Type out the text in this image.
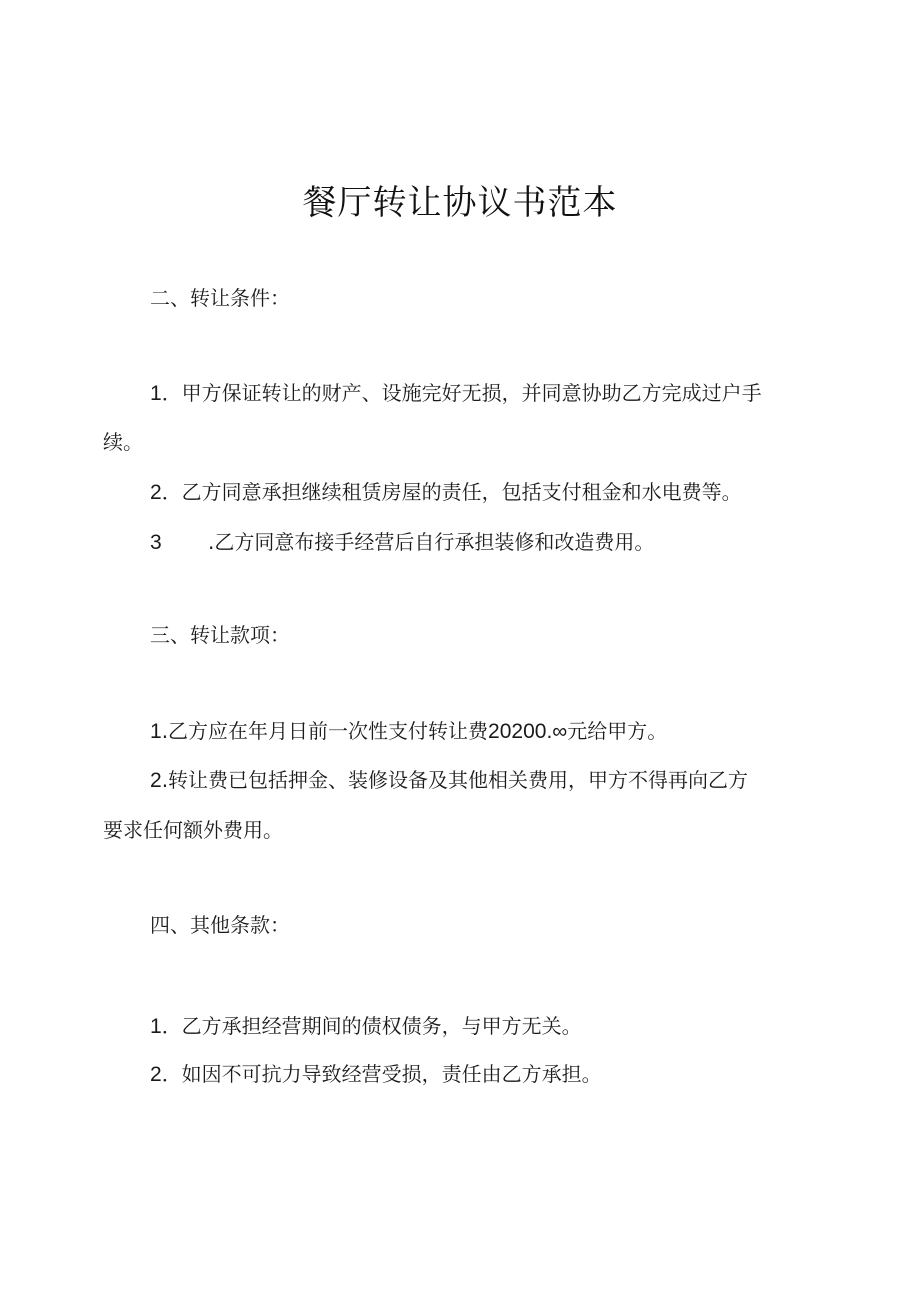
餐厅转让协议书范本

二、转让条件：

1．甲方保证转让的财产、设施完好无损，并同意协助乙方完成过户手

续。

2．乙方同意承担继续租赁房屋的责任，包括支付租金和水电费等。

3 .乙方同意布接手经营后自行承担装修和改造费用。

三、转让款项：

1.乙方应在年月日前一次性支付转让费20200.∞元给甲方。

2.转让费已包括押金、装修设备及其他相关费用，甲方不得再向乙方

要求任何额外费用。

四、其他条款：

1．乙方承担经营期间的债权债务，与甲方无关。

2．如因不可抗力导致经营受损，责任由乙方承担。
